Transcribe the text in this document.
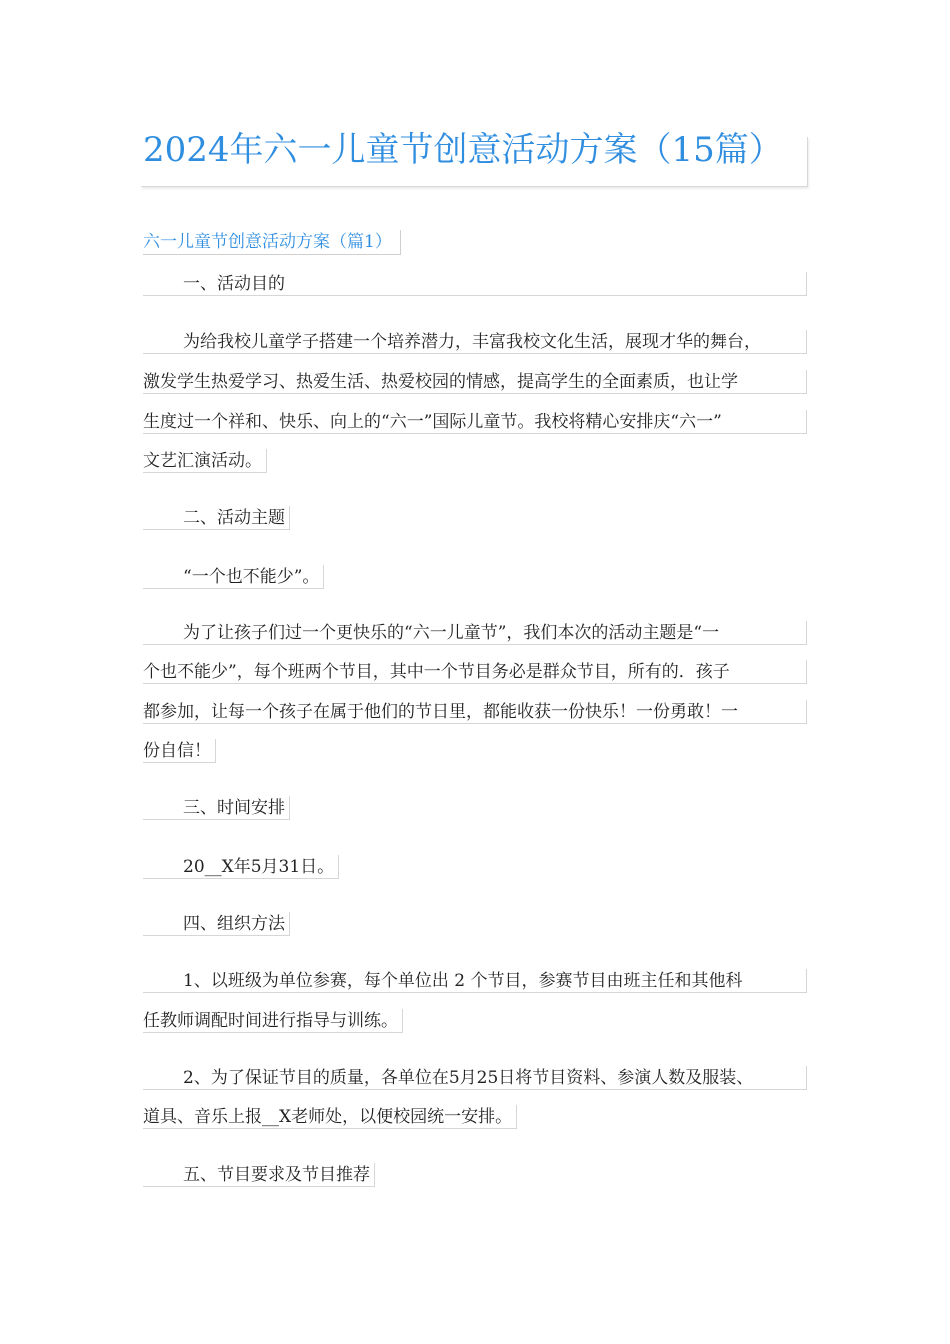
2024年六一儿童节创意活动方案（15篇）
六一儿童节创意活动方案（篇1）
一、活动目的
为给我校儿童学子搭建一个培养潜力，丰富我校文化生活，展现才华的舞台，
激发学生热爱学习、热爱生活、热爱校园的情感，提高学生的全面素质，也让学
生度过一个祥和、快乐、向上的“六一”国际儿童节。我校将精心安排庆“六一”
文艺汇演活动。
二、活动主题
“一个也不能少”。
为了让孩子们过一个更快乐的“六一儿童节”，我们本次的活动主题是“一
个也不能少”，每个班两个节目，其中一个节目务必是群众节目，所有的．孩子
都参加，让每一个孩子在属于他们的节日里，都能收获一份快乐！一份勇敢！一
份自信！
三、时间安排
20__X年5月31日。
四、组织方法
1、以班级为单位参赛，每个单位出 2 个节目，参赛节目由班主任和其他科
任教师调配时间进行指导与训练。
2、为了保证节目的质量，各单位在5月25日将节目资料、参演人数及服装、
道具、音乐上报__X老师处，以便校园统一安排。
五、节目要求及节目推荐
